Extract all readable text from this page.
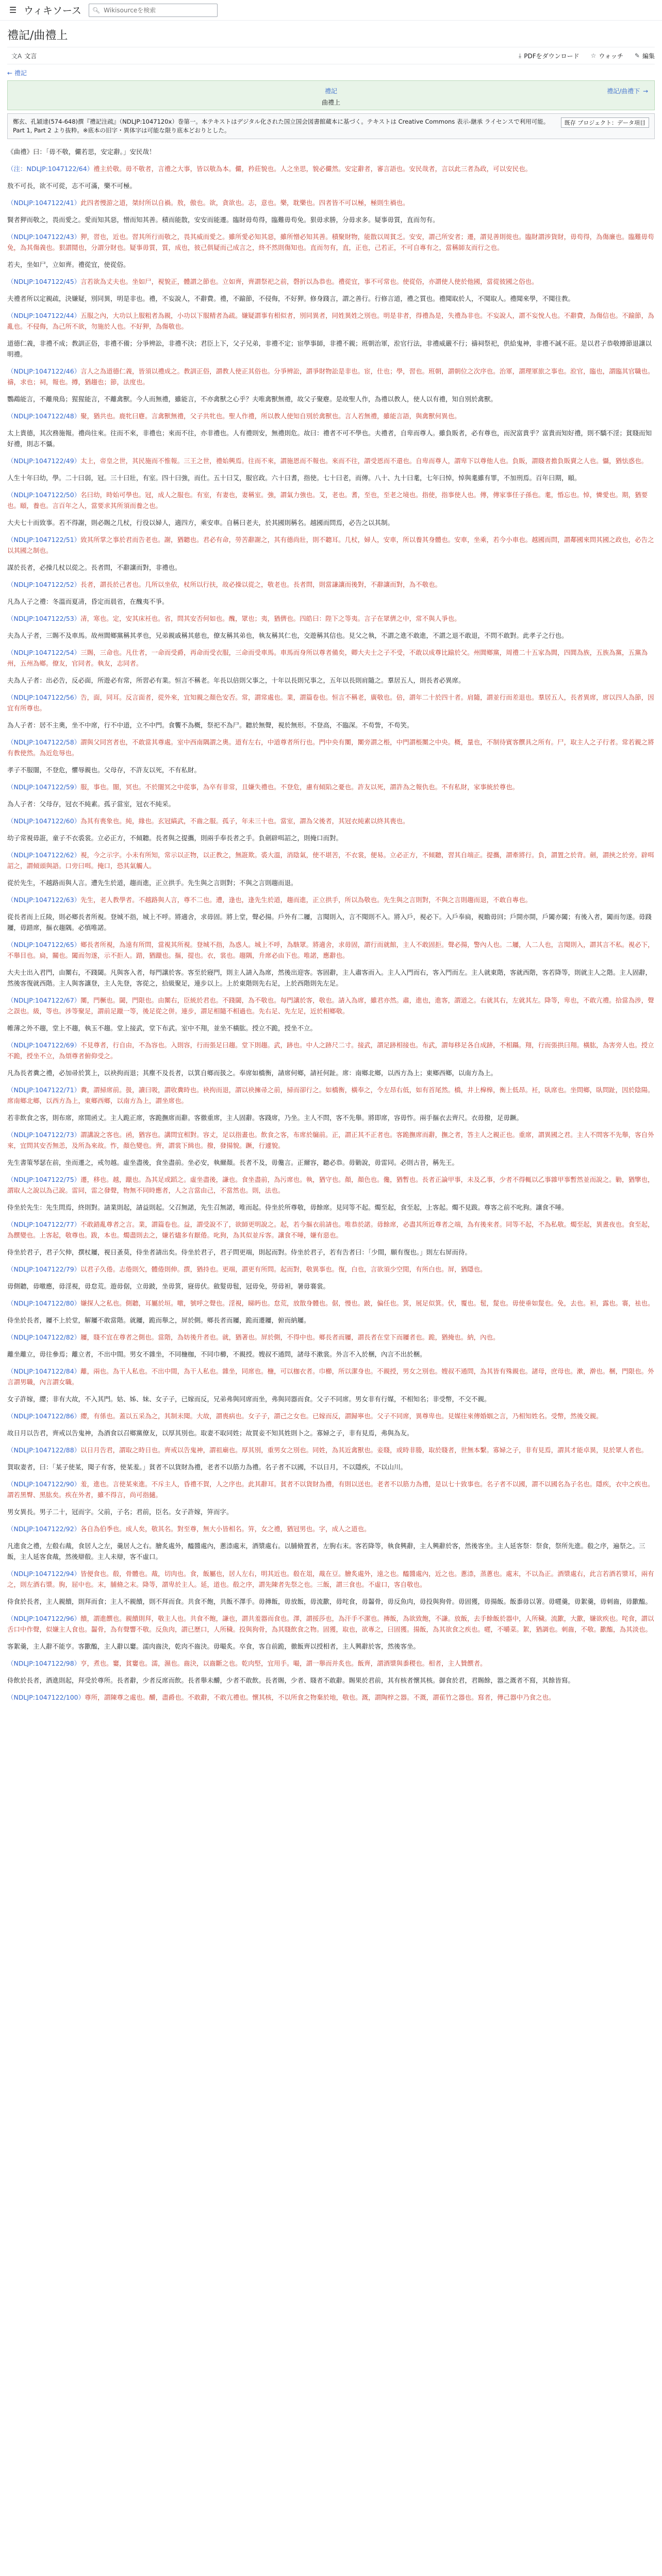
☰ ウィキソース 🔍︎
Wikisourceを検索
禮記/曲禮上
文A 文言	⤓ PDFをダウンロード ☆ ウォッチ ✎ 編集
← 禮記
禮記
曲禮上
禮記/曲禮下 →
鄭玄、孔穎達(574-648)撰『禮記注疏』（NDLJP:1047120x）巻第一。本テキストはデジタル化された国立国会図書館蔵本に基づく。テキストは Creative Commons 表示-継承 ライセンスで利用可能。Part 1, Part 2 より抜粋。※底本の旧字・異体字は可能な限り底本どおりとした。
既存 プロジェクト：データ項目

《曲禮》曰：「毋不敬，儼若思，安定辭。」安民哉！

（注：NDLJP:1047122/64）禮主於敬。毋不敬者，言禮之大事，皆以敬為本。儼，矜莊貌也。人之坐思，貌必儼然。安定辭者，審言語也。安民哉者，言以此三者為政，可以安民也。

敖不可長，欲不可從，志不可滿，樂不可極。

（NDLJP:1047122/41）此四者慢游之道，桀紂所以自禍。敖，傲也。欲，貪欲也。志，意也。樂，耽樂也。四者皆不可以極，極則生禍也。

賢者狎而敬之，畏而愛之。愛而知其惡，憎而知其善。積而能散，安安而能遷。臨財毋苟得，臨難毋苟免。狠毋求勝，分毋求多。疑事毋質，直而勿有。

（NDLJP:1047122/43）狎，習也，近也。習其所行而敬之，畏其威而愛之。雖所愛必知其惡，雖所憎必知其善。積聚財物，能散以周貧乏。安安，謂己所安者；遷，謂見善則徙也。臨財謂涉貨財，毋苟得，為傷廉也。臨難毋苟免，為其傷義也。狠謂鬩也，分謂分財也。疑事毋質，質，成也，彼己俱疑而己成言之，終不然則傷知也。直而勿有，直，正也，己若正，不可自專有之，當稱師友而行之也。

若夫，坐如尸，立如齊。禮從宜，使從俗。

（NDLJP:1047122/45）言若欲為丈夫也。坐如尸，視貌正，體謂之節也。立如齊，齊謂祭祀之前，磬折以為恭也。禮從宜，事不可常也。使從俗，亦謂使人使於他國，當從彼國之俗也。

夫禮者所以定親疏，決嫌疑，別同異，明是非也。禮，不妄說人，不辭費。禮，不踰節，不侵侮，不好狎。修身踐言，謂之善行。行修言道，禮之質也。禮聞取於人，不聞取人。禮聞來學，不聞往教。

（NDLJP:1047122/44）五服之內，大功以上服粗者為親，小功以下服精者為疏。嫌疑謂事有相似者，別同異者，同姓異姓之別也。明是非者，得禮為是，失禮為非也。不妄說人，謂不妄悅人也。不辭費，為傷信也。不踰節，為亂也。不侵侮，為己所不欲，勿施於人也。不好狎，為傷敬也。

道德仁義，非禮不成；教訓正俗，非禮不備；分爭辨訟，非禮不決；君臣上下，父子兄弟，非禮不定；宦學事師，非禮不親；班朝治軍，涖官行法，非禮威嚴不行；禱祠祭祀，供給鬼神，非禮不誠不莊。是以君子恭敬撙節退讓以明禮。

（NDLJP:1047122/46）言人之為道德仁義，皆須以禮成之。教訓正俗，謂教人使正其俗也。分爭辨訟，謂爭財物訟是非也。宦，仕也；學，習也。班朝，謂朝位之次序也。治軍，謂理軍旅之事也。涖官，臨也，謂臨其官職也。禱，求也；祠，報也。撙，猶趨也；節，法度也。

鸚鵡能言，不離飛鳥；猩猩能言，不離禽獸。今人而無禮，雖能言，不亦禽獸之心乎？夫唯禽獸無禮，故父子聚麀。是故聖人作，為禮以教人，使人以有禮，知自別於禽獸。

（NDLJP:1047122/48）聚，猶共也。鹿牝曰麀。言禽獸無禮，父子共牝也。聖人作禮，所以教人使知自別於禽獸也。言人若無禮，雖能言語，與禽獸何異也。

太上貴德，其次務施報。禮尚往來。往而不來，非禮也；來而不往，亦非禮也。人有禮則安，無禮則危。故曰：禮者不可不學也。夫禮者，自卑而尊人。雖負販者，必有尊也，而況富貴乎？富貴而知好禮，則不驕不淫；貧賤而知好禮，則志不懾。

（NDLJP:1047122/49）太上，帝皇之世，其民施而不惟報。三王之世，禮始興焉。往而不來，謂施恩而不報也。來而不往，謂受恩而不還也。自卑而尊人，謂卑下以尊他人也。負販，謂賤者擔負販賣之人也。懾，猶怯惑也。

人生十年曰幼，學。二十曰弱，冠。三十曰壯，有室。四十曰強，而仕。五十曰艾，服官政。六十曰耆，指使。七十曰老，而傳。八十、九十曰耄，七年曰悼，悼與耄雖有罪，不加刑焉。百年曰期，頤。

（NDLJP:1047122/50）名曰幼，時始可學也。冠，成人之服也。有室，有妻也，妻稱室。強，謂氣力強也。艾，老也。耆，至也，至老之境也。指使，指事使人也。傳，傳家事任子孫也。耄，惛忘也。悼，憐愛也。期，猶要也。頤，養也。言百年之人，當要求其所須而養之也。

大夫七十而致事。若不得謝，則必賜之几杖，行役以婦人，適四方，乘安車。自稱曰老夫，於其國則稱名。越國而問焉，必告之以其制。

（NDLJP:1047122/51）致其所掌之事於君而告老也。謝，猶聽也。君必有命，勞苦辭謝之，其有德尚壯，則不聽耳。几杖，婦人，安車，所以養其身體也。安車，坐乘，若今小車也。越國而問，謂鄰國來問其國之政也，必告之以其國之制也。

謀於長者，必操几杖以從之。長者問，不辭讓而對，非禮也。

（NDLJP:1047122/52）長者，謂長於己者也。几所以坐依，杖所以行扶，故必操以從之，敬老也。長者問，則當謙讓而後對，不辭讓而對，為不敬也。

凡為人子之禮：冬溫而夏凊，昏定而晨省，在醜夷不爭。

（NDLJP:1047122/53）凊，寒也。定，安其床衽也。省，問其安否何如也。醜，眾也；夷，猶儕也。四皓曰：陛下之等夷。言子在眾儕之中，常不與人爭也。

夫為人子者，三賜不及車馬。故州閭鄉黨稱其孝也，兄弟親戚稱其慈也，僚友稱其弟也，執友稱其仁也，交遊稱其信也。見父之執，不謂之進不敢進，不謂之退不敢退，不問不敢對。此孝子之行也。

（NDLJP:1047122/54）三賜，三命也。凡仕者，一命而受爵，再命而受衣服，三命而受車馬。車馬而身所以尊者備矣，卿大夫士之子不受，不敢以成尊比踰於父。州閭鄉黨，周禮二十五家為閭，四閭為族，五族為黨，五黨為州，五州為鄉。僚友，官同者。執友，志同者。

夫為人子者：出必告，反必面，所遊必有常，所習必有業。恒言不稱老。年長以倍則父事之，十年以長則兄事之，五年以長則肩隨之。羣居五人，則長者必異席。

（NDLJP:1047122/56）告，面，同耳。反言面者，從外來，宜知親之顏色安否。常，謂常處也。業，謂篇卷也。恒言不稱老，廣敬也。倍，謂年二十於四十者。肩隨，謂並行而差退也。羣居五人，長者異席，席以四人為節，因宜有所尊也。

為人子者：居不主奧，坐不中席，行不中道，立不中門。食饗不為概，祭祀不為尸。聽於無聲，視於無形。不登高，不臨深。不苟訾，不苟笑。

（NDLJP:1047122/58）謂與父同宮者也，不敢當其尊處。室中西南隅謂之奧。道有左右，中道尊者所行也。門中央有闑，闑旁謂之棖，中門謂棖闑之中央。概，量也，不制待賓客饌具之所有。尸，取主人之子行者。常若親之將有教使然。為近危辱也。

孝子不服闇，不登危，懼辱親也。父母存，不許友以死，不有私財。

（NDLJP:1047122/59）服，事也。闇，冥也。不於闇冥之中從事，為卒有非常，且嫌失禮也。不登危，慮有傾陷之憂也。許友以死，謂許為之報仇也。不有私財，家事統於尊也。

為人子者：父母存，冠衣不純素。孤子當室，冠衣不純采。

（NDLJP:1047122/60）為其有喪象也。純，緣也。玄冠縞武，不齒之服。孤子，年未三十也。當室，謂為父後者，其冠衣純素以終其喪也。

幼子常視毋誑，童子不衣裘裳。立必正方，不傾聽。長者與之提攜，則兩手奉長者之手。負劍辟咡詔之，則掩口而對。

（NDLJP:1047122/62）視，今之示字。小未有所知，常示以正物，以正教之，無誑欺。裘大溫，消陰氣，使不堪苦，不衣裳，便易。立必正方，不傾聽，習其自端正。提攜，謂牽將行。負，謂置之於背。劍，謂挾之於旁。辟咡詔之，謂傾頭與語。口旁曰咡。掩口，恐其氣觸人。

從於先生，不越路而與人言。遭先生於道，趨而進，正立拱手。先生與之言則對；不與之言則趨而退。

（NDLJP:1047122/63）先生，老人教學者。不越路與人言，尊不二也。遭，逢也，逢先生於道，趨而進，正立拱手，所以為敬也。先生與之言則對，不與之言則趨而退，不敢自專也。

從長者而上丘陵，則必鄉長者所視。登城不指，城上不呼。將適舍，求毋固。將上堂，聲必揚。戶外有二屨，言聞則入，言不聞則不入。將入戶，視必下。入戶奉扃，視瞻毋回；戶開亦開，戶闔亦闔；有後入者，闔而勿遂。毋踐屨，毋踖席，摳衣趨隅。必慎唯諾。

（NDLJP:1047122/65）鄉長者所視，為遠有所問，當視其所視。登城不指，為惑人。城上不呼，為駭眾。將適舍，求毋固，謂行而就館，主人不敢固拒。聲必揚，警內人也。二屨，人二人也，言聞則入，謂其言不私。視必下，不舉目也。扃，關也。闔而勿遂，示不拒人。踖，猶躐也。摳，提也。衣，裳也。趨隅，升席必由下也。唯諾，應辭也。

大夫士出入君門，由闑右，不踐閾。凡與客入者，每門讓於客。客至於寢門，則主人請入為席，然後出迎客。客固辭，主人肅客而入。主人入門而右，客入門而左。主人就東階，客就西階，客若降等，則就主人之階。主人固辭，然後客復就西階。主人與客讓登，主人先登，客從之，拾級聚足，連步以上。上於東階則先右足，上於西階則先左足。

（NDLJP:1047122/67）闑，門橛也。閾，門限也。由闑右，臣統於君也。不踐閾，為不敬也。每門讓於客，敬也。請入為席，雖君亦然。肅，進也，進客，謂道之。右就其右，左就其左。降等，卑也，不敢亢禮。拾當為涉，聲之誤也。級，等也。涉等聚足，謂前足躐一等，後足從之併。連步，謂足相隨不相過也。先右足、先左足，近於相鄉敬。

帷薄之外不趨，堂上不趨，執玉不趨。堂上接武，堂下布武。室中不翔，並坐不橫肱。授立不跪，授坐不立。

（NDLJP:1047122/69）不見尊者，行自由，不為容也。入則容，行而張足曰趨。堂下則趨。武，跡也。中人之跡尺二寸。接武，謂足跡相接也。布武，謂每移足各自成跡，不相躡。翔，行而張拱曰翔。橫肱，為害旁人也。授立不跪，授坐不立，為煩尊者俯仰受之。

凡為長者糞之禮，必加帚於箕上，以袂拘而退；其塵不及長者，以箕自鄉而扱之。奉席如橋衡，請席何鄉，請衽何趾。席：南鄉北鄉，以西方為上；東鄉西鄉，以南方為上。

（NDLJP:1047122/71）糞，謂掃席前。扱，讀曰吸，謂收糞時也。袂拘而退，謂以袂擁帚之前，掃而卻行之。如橋衡，橫奉之，令左昂右低，如有首尾然。橋，井上槹槔，衡上低昂。衽，臥席也。坐問鄉，臥問趾，因於陰陽。席南鄉北鄉，以西方為上，東鄉西鄉，以南方為上，謂坐席也。

若非飲食之客，則布席，席間函丈。主人跪正席，客跪撫席而辭。客徹重席，主人固辭。客踐席，乃坐。主人不問，客不先舉。將即席，容毋怍。兩手摳衣去齊尺。衣毋撥，足毋蹶。

（NDLJP:1047122/73）謂講說之客也。函，猶容也。講問宜相對。容丈，足以指畫也。飲食之客，布席於牖前。正，謂正其不正者也。客跪撫席而辭，撫之者，答主人之親正也。重席，謂異國之君。主人不問客不先舉，客自外來，宜問其安否無恙，及所為來故。怍，顏色變也。齊，謂裳下緝也。撥，發揚貌。蹶，行遽貌。

先生書策琴瑟在前，坐而遷之，戒勿越。虛坐盡後，食坐盡前。坐必安，執爾顏。長者不及，毋儳言。正爾容，聽必恭。毋勦說，毋雷同。必則古昔，稱先王。

（NDLJP:1047122/75）遷，移也。越，躐也。為其足或蹈之。虛坐盡後，謙也。食坐盡前，為污席也。執，猶守也。顏，顏色也。儳，猶暫也。長者正論甲事，未及乙事，少者不得輒以乙事雜甲事暫然並而說之。勦，猶擥也，謂取人之說以為己說。雷同，雷之發聲，物無不同時應者，人之言當由己，不當然也。則，法也。

侍坐於先生：先生問焉，終則對。請業則起，請益則起。父召無諾，先生召無諾，唯而起。侍坐於所尊敬，毋餘席。見同等不起。燭至起，食至起，上客起。燭不見跋。尊客之前不叱狗。讓食不唾。

（NDLJP:1047122/77）不敢錯亂尊者之言。業，謂篇卷也。益，謂受說不了，欲師更明說之。起，若今摳衣前請也。唯恭於諾。毋餘席，必盡其所近尊者之端，為有後來者。同等不起，不為私敬。燭至起，異晝夜也。食至起，為饌變也。上客起，敬尊也。跋，本也。燭盡則去之，嫌若燼多有厭倦。叱狗，為其似並斥客。讓食不唾，嫌有惡也。

侍坐於君子，君子欠伸，撰杖屨，視日蚤莫，侍坐者請出矣。侍坐於君子，君子問更端，則起而對。侍坐於君子，若有告者曰：「少間，願有復也。」則左右屏而待。

（NDLJP:1047122/79）以君子久倦。志倦則欠，體倦則伸。撰，猶持也。更端，謂更有所問。起而對，敬異事也。復，白也，言欲須少空閒，有所白也。屏，猶隱也。

毋側聽，毋噭應，毋淫視，毋怠荒。遊毋倨，立毋跛，坐毋箕，寢毋伏。斂髮毋髢，冠毋免，勞毋袒，暑毋褰裳。

（NDLJP:1047122/80）嫌探人之私也。側聽，耳屬於垣。噭，號呼之聲也。淫視，睇眄也。怠荒，放散身體也。倨，慢也。跛，偏任也。箕，展足似箕。伏，覆也。髢，髲也。毋使垂如髲也。免，去也。袒，露也。褰，袪也。

侍坐於長者，屨不上於堂，解屨不敢當階。就屨，跪而舉之，屏於側。鄉長者而屨，跪而遷屨，俯而納屨。

（NDLJP:1047122/82）屨，賤不宜在尊者之側也。當階，為妨後升者也。就，猶著也。屏於側，不得中也。鄉長者而屨，謂長者在堂下而屨者也。跪，猶掩也。納，內也。

離坐離立，毋往參焉；離立者，不出中間。男女不雜坐，不同椸枷，不同巾櫛，不親授。嫂叔不通問，諸母不漱裳。外言不入於梱，內言不出於梱。

（NDLJP:1047122/84）離，兩也。為干人私也。不出中間，為干人私也。雜坐，同席也。椸，可以枷衣者。巾櫛，所以潔身也。不親授，男女之別也。嫂叔不通問，為其皆有殊親也。諸母，庶母也。漱，澣也。梱，門限也。外言謂男職，內言謂女職。

女子許嫁，纓；非有大故，不入其門。姑、姊、妹、女子子，已嫁而反，兄弟弗與同席而坐，弗與同器而食。父子不同席。男女非有行媒，不相知名；非受幣，不交不親。

（NDLJP:1047122/86）纓，有係也。蓋以五采為之，其制未聞。大故，謂喪病也。女子子，謂己之女也。已嫁而反，謂歸寧也。父子不同席，異尊卑也。見媒往來傳婚姻之言，乃相知姓名。受幣，然後交親。

故日月以告君，齊戒以告鬼神，為酒食以召鄉黨僚友，以厚其別也。取妻不取同姓；故買妾不知其姓則卜之。寡婦之子，非有見焉，弗與為友。

（NDLJP:1047122/88）以日月告君，謂取之時日也。齊戒以告鬼神，謂祖廟也。厚其別，重男女之別也。同姓，為其近禽獸也。妾賤，或時非媵，取於賤者，世無本繫。寡婦之子，非有見焉，謂其才能卓異，見於眾人者也。

賀取妻者，曰：「某子使某，聞子有客，使某羞。」貧者不以貨財為禮，老者不以筋力為禮。名子者不以國，不以日月，不以隱疾，不以山川。

（NDLJP:1047122/90）羞，進也。言使某來進。不斥主人，昏禮不賀，人之序也。此其辭耳。貧者不以貨財為禮，有則以送也。老者不以筋力為禮，是以七十致事也。名子者不以國，謂不以國名為子名也。隱疾，衣中之疾也。謂若黑臀、黑肱矣。疾在外者，雖不得言，尚可指擿。

男女異長。男子二十，冠而字。父前，子名；君前，臣名。女子許嫁，笄而字。

（NDLJP:1047122/92）各自為伯季也。成人矣，敬其名。對至尊，無大小皆相名。笄，女之禮，猶冠男也。字，成人之道也。

凡進食之禮，左殽右胾，食居人之左，羹居人之右。膾炙處外，醯醬處內，蔥渿處末，酒漿處右。以脯脩置者，左朐右末。客若降等，執食興辭，主人興辭於客，然後客坐。主人延客祭：祭食，祭所先進。殽之序，遍祭之。三飯，主人延客食胾，然後辯殽。主人未辯，客不虛口。

（NDLJP:1047122/94）皆便食也。殽，骨體也。胾，切肉也。食，飯屬也，居人左右，明其近也。殽在俎，胾在豆。膾炙處外，遠之也。醯醬處內，近之也。蔥渿，蒸蔥也。處末，不以為正。酒漿處右，此言若酒若漿耳，兩有之，則左酒右漿。朐，屈中也。末，脯脩之末。降等，謂卑於主人。延，道也。殽之序，謂先陳者先祭之也。三飯，謂三食也。不虛口，客自敬也。

侍食於長者，主人親饋，則拜而食；主人不親饋，則不拜而食。共食不飽，共飯不澤手。毋摶飯，毋放飯，毋流歠，毋咤食，毋齧骨，毋反魚肉，毋投與狗骨。毋固獲，毋揚飯。飯黍毋以箸。毋嚃羹，毋絮羹，毋刺齒，毋歠醢。

（NDLJP:1047122/96）饋，謂進饌也。親饋則拜，敬主人也。共食不飽，謙也，謂共羞器而食也。澤，謂挼莎也，為汗手不潔也。摶飯，為欲致飽，不謙。放飯，去手餘飯於器中，人所穢。流歠，大歠，嫌欲疾也。咤食，謂以舌口中作聲，似嫌主人食也。齧骨，為有聲響不敬。反魚肉，謂已歷口，人所穢。投與狗骨，為其賤飲食之物。固獲，取也，欲專之，曰固獲。揚飯，為其欲食之疾也。嚃，不嚼菜。絮，猶調也。刺齒，不敬。歠醢，為其淡也。

客絮羹，主人辭不能亨。客歠醢，主人辭以窶。濡肉齒決，乾肉不齒決。毋嘬炙。卒食，客自前跪，徹飯齊以授相者，主人興辭於客，然後客坐。

（NDLJP:1047122/98）亨，煮也。窶，貧窶也。濡，濕也。齒決，以齒斷之也。乾肉堅，宜用手。嘬，謂一舉而并炙也。飯齊，謂酒漿與黍稷也。相者，主人贊饌者。

侍飲於長者，酒進則起，拜受於尊所。長者辭，少者反席而飲。長者舉未釂，少者不敢飲。長者賜，少者、賤者不敢辭。賜果於君前，其有核者懷其核。御食於君，君賜餘，器之溉者不寫，其餘皆寫。

（NDLJP:1047122/100）尊所，謂陳尊之處也。釂，盡爵也。不敢辭，不敢亢禮也。懷其核，不以所食之物棄於地，敬也。溉，謂陶梓之器。不溉，謂萑竹之器也。寫者，傳己器中乃食之也。
